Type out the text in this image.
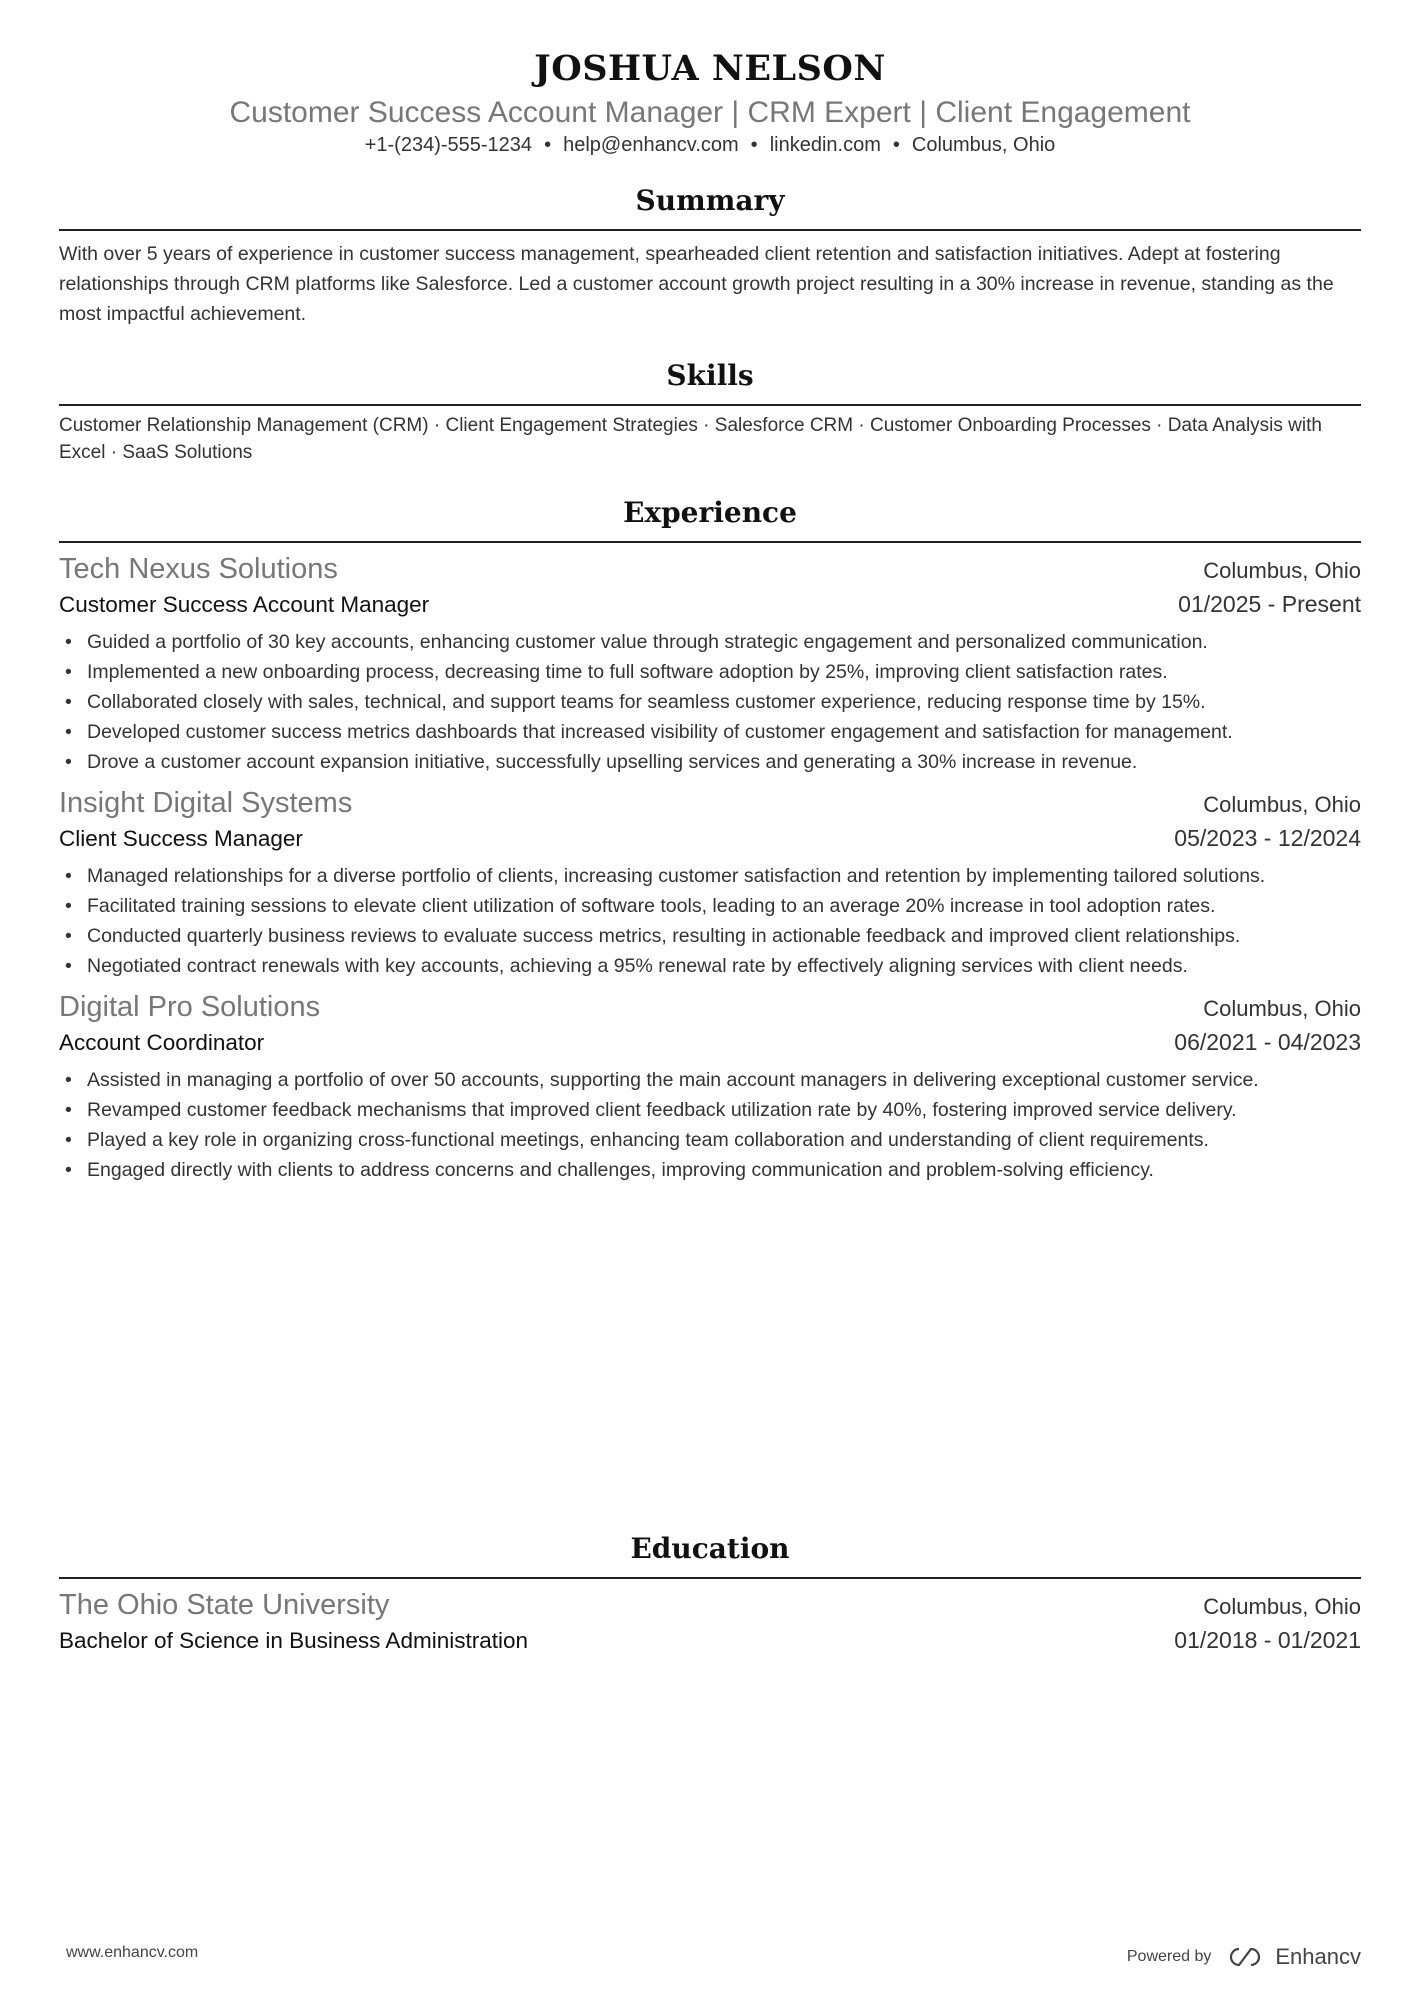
JOSHUA NELSON
Customer Success Account Manager | CRM Expert | Client Engagement
+1-(234)-555-1234 • help@enhancv.com • linkedin.com • Columbus, Ohio
Summary

With over 5 years of experience in customer success management, spearheaded client retention and satisfaction initiatives. Adept at fostering relationships through CRM platforms like Salesforce. Led a customer account growth project resulting in a 30% increase in revenue, standing as the most impactful achievement.

Skills

Customer Relationship Management (CRM) · Client Engagement Strategies · Salesforce CRM · Customer Onboarding Processes · Data Analysis with Excel · SaaS Solutions

Experience
Tech Nexus Solutions	Columbus, Ohio
Customer Success Account Manager	01/2025 - Present
• Guided a portfolio of 30 key accounts, enhancing customer value through strategic engagement and personalized communication.
• Implemented a new onboarding process, decreasing time to full software adoption by 25%, improving client satisfaction rates.
• Collaborated closely with sales, technical, and support teams for seamless customer experience, reducing response time by 15%.
• Developed customer success metrics dashboards that increased visibility of customer engagement and satisfaction for management.
• Drove a customer account expansion initiative, successfully upselling services and generating a 30% increase in revenue.
Insight Digital Systems	Columbus, Ohio
Client Success Manager	05/2023 - 12/2024
• Managed relationships for a diverse portfolio of clients, increasing customer satisfaction and retention by implementing tailored solutions.
• Facilitated training sessions to elevate client utilization of software tools, leading to an average 20% increase in tool adoption rates.
• Conducted quarterly business reviews to evaluate success metrics, resulting in actionable feedback and improved client relationships.
• Negotiated contract renewals with key accounts, achieving a 95% renewal rate by effectively aligning services with client needs.
Digital Pro Solutions	Columbus, Ohio
Account Coordinator	06/2021 - 04/2023
• Assisted in managing a portfolio of over 50 accounts, supporting the main account managers in delivering exceptional customer service.
• Revamped customer feedback mechanisms that improved client feedback utilization rate by 40%, fostering improved service delivery.
• Played a key role in organizing cross-functional meetings, enhancing team collaboration and understanding of client requirements.
• Engaged directly with clients to address concerns and challenges, improving communication and problem-solving efficiency.
Education
The Ohio State University	Columbus, Ohio
Bachelor of Science in Business Administration	01/2018 - 01/2021
www.enhancv.com	Powered by	Enhancv
